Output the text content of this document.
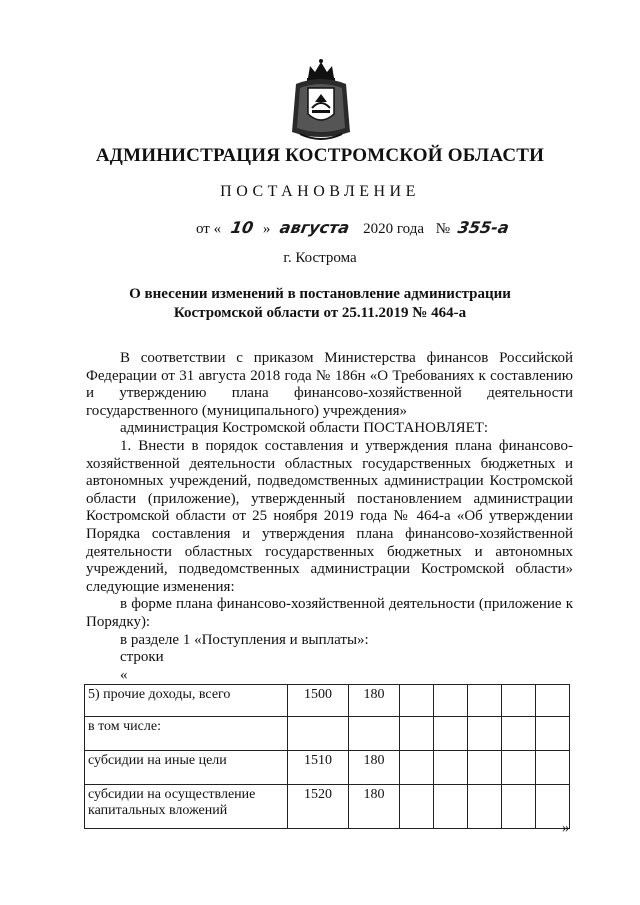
АДМИНИСТРАЦИЯ КОСТРОМСКОЙ ОБЛАСТИ
ПОСТАНОВЛЕНИЕ
от « 10 » августа 2020 года № 355-а
г. Кострома
О внесении изменений в постановление администрации
Костромской области от 25.11.2019 № 464-а

В соответствии с приказом Министерства финансов Российской Федерации от 31 августа 2018 года № 186н «О Требованиях к составлению и утверждению плана финансово-хозяйственной деятельности государственного (муниципального) учреждения»

администрация Костромской области ПОСТАНОВЛЯЕТ:

1. Внести в порядок составления и утверждения плана финансово-хозяйственной деятельности областных государственных бюджетных и автономных учреждений, подведомственных администрации Костромской области (приложение), утвержденный постановлением администрации Костромской области от 25 ноября 2019 года № 464-а «Об утверждении Порядка составления и утверждения плана финансово-хозяйственной деятельности областных государственных бюджетных и автономных учреждений, подведомственных администрации Костромской области» следующие изменения:

в форме плана финансово-хозяйственной деятельности (приложение к Порядку):

в разделе 1 «Поступления и выплаты»:

строки

«

5) прочие доходы, всего	1500	180					
в том числе:							
субсидии на иные цели	1510	180					
субсидии на осуществление капитальных вложений	1520	180					
»
